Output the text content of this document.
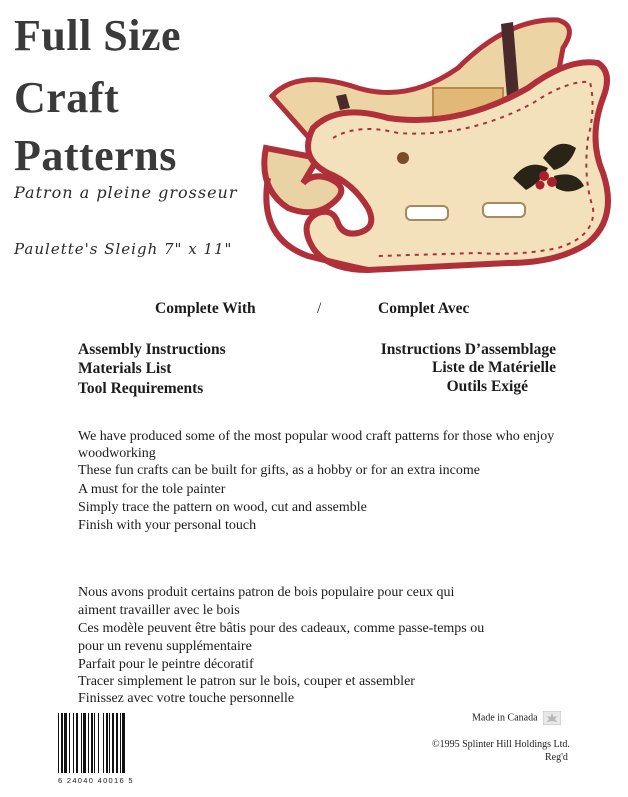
Full Size
Craft
Patterns
Patron a pleine grosseur
Paulette's Sleigh 7" x 11"
Complete With	/	Complet Avec
Assembly Instructions
Materials List
Tool Requirements
Instructions D’assemblage
Liste de Matérielle
Outils Exigé
We have produced some of the most popular wood craft patterns for those who enjoy
woodworking
These fun crafts can be built for gifts, as a hobby or for an extra income
A must for the tole painter
Simply trace the pattern on wood, cut and assemble
Finish with your personal touch
Nous avons produit certains patron de bois populaire pour ceux qui
aiment travailler avec le bois
Ces modèle peuvent être bâtis pour des cadeaux, comme passe-temps ou
pour un revenu supplémentaire
Parfait pour le peintre décoratif
Tracer simplement le patron sur le bois, couper et assembler
Finissez avec votre touche personnelle
6 24040 40016 5
Made in Canada
©1995 Splinter Hill Holdings Ltd.
Reg'd
